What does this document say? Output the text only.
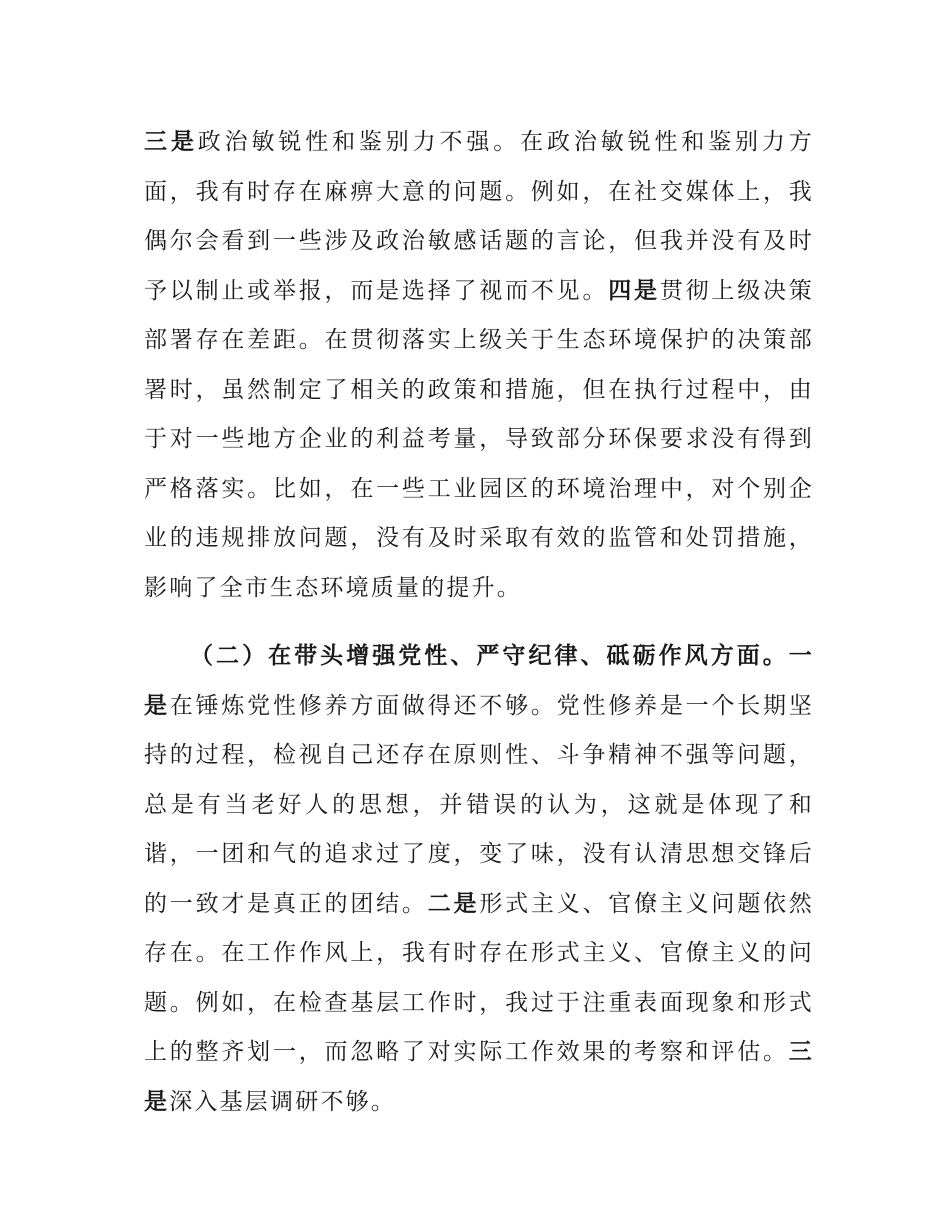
三是政治敏锐性和鉴别力不强。在政治敏锐性和鉴别力方面，我有时存在麻痹大意的问题。例如，在社交媒体上，我偶尔会看到一些涉及政治敏感话题的言论，但我并没有及时予以制止或举报，而是选择了视而不见。四是贯彻上级决策部署存在差距。在贯彻落实上级关于生态环境保护的决策部署时，虽然制定了相关的政策和措施，但在执行过程中，由于对一些地方企业的利益考量，导致部分环保要求没有得到严格落实。比如，在一些工业园区的环境治理中，对个别企业的违规排放问题，没有及时采取有效的监管和处罚措施，影响了全市生态环境质量的提升。

（二）在带头增强党性、严守纪律、砥砺作风方面。一是在锤炼党性修养方面做得还不够。党性修养是一个长期坚持的过程，检视自己还存在原则性、斗争精神不强等问题，总是有当老好人的思想，并错误的认为，这就是体现了和谐，一团和气的追求过了度，变了味，没有认清思想交锋后的一致才是真正的团结。二是形式主义、官僚主义问题依然存在。在工作作风上，我有时存在形式主义、官僚主义的问题。例如，在检查基层工作时，我过于注重表面现象和形式上的整齐划一，而忽略了对实际工作效果的考察和评估。三是深入基层调研不够。
